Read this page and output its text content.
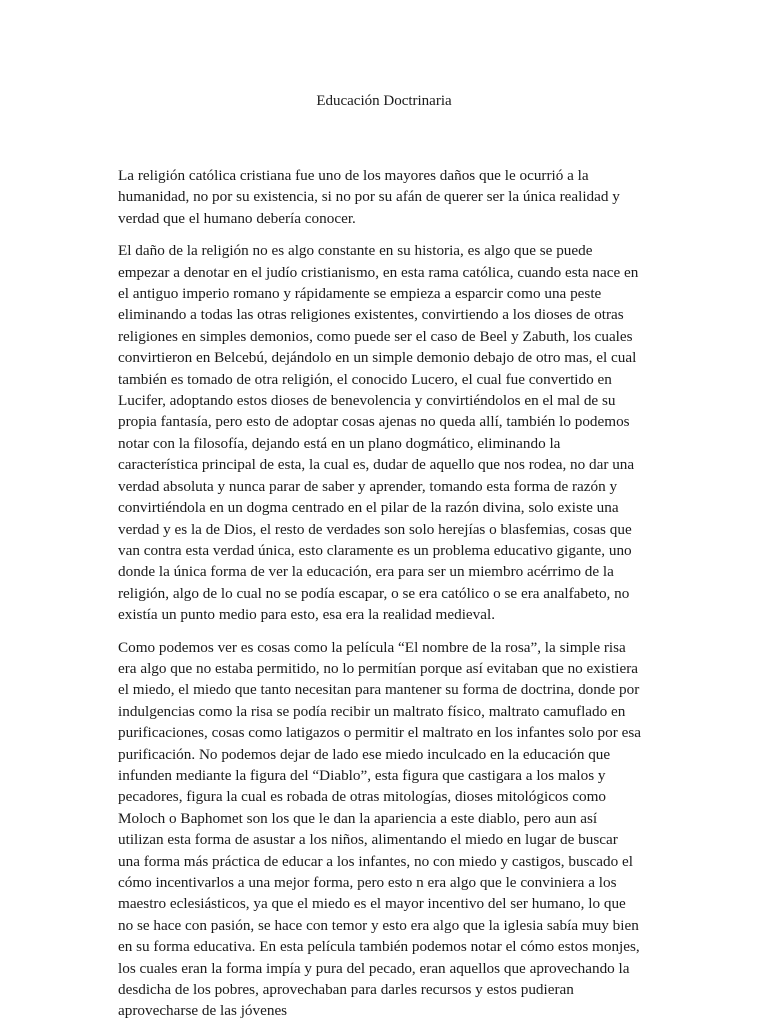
Educación Doctrinaria

La religión católica cristiana fue uno de los mayores daños que le ocurrió a la humanidad, no por su existencia, si no por su afán de querer ser la única realidad y verdad que el humano debería conocer.

El daño de la religión no es algo constante en su historia, es algo que se puede empezar a denotar en el judío cristianismo, en esta rama católica, cuando esta nace en el antiguo imperio romano y rápidamente se empieza a esparcir como una peste eliminando a todas las otras religiones existentes, convirtiendo a los dioses de otras religiones en simples demonios, como puede ser el caso de Beel y Zabuth, los cuales convirtieron en Belcebú, dejándolo en un simple demonio debajo de otro mas, el cual también es tomado de otra religión, el conocido Lucero, el cual fue convertido en Lucifer, adoptando estos dioses de benevolencia y convirtiéndolos en el mal de su propia fantasía, pero esto de adoptar cosas ajenas no queda allí, también lo podemos notar con la filosofía, dejando está en un plano dogmático, eliminando la característica principal de esta, la cual es, dudar de aquello que nos rodea, no dar una verdad absoluta y nunca parar de saber y aprender, tomando esta forma de razón y convirtiéndola en un dogma centrado en el pilar de la razón divina, solo existe una verdad y es la de Dios, el resto de verdades son solo herejías o blasfemias, cosas que van contra esta verdad única, esto claramente es un problema educativo gigante, uno donde la única forma de ver la educación, era para ser un miembro acérrimo de la religión, algo de lo cual no se podía escapar, o se era católico o se era analfabeto, no existía un punto medio para esto, esa era la realidad medieval.

Como podemos ver es cosas como la película “El nombre de la rosa”, la simple risa era algo que no estaba permitido, no lo permitían porque así evitaban que no existiera el miedo, el miedo que tanto necesitan para mantener su forma de doctrina, donde por indulgencias como la risa se podía recibir un maltrato físico, maltrato camuflado en purificaciones, cosas como latigazos o permitir el maltrato en los infantes solo por esa purificación. No podemos dejar de lado ese miedo inculcado en la educación que infunden mediante la figura del “Diablo”, esta figura que castigara a los malos y pecadores, figura la cual es robada de otras mitologías, dioses mitológicos como Moloch o Baphomet son los que le dan la apariencia a este diablo, pero aun así utilizan esta forma de asustar a los niños, alimentando el miedo en lugar de buscar una forma más práctica de educar a los infantes, no con miedo y castigos, buscado el cómo incentivarlos a una mejor forma, pero esto n era algo que le conviniera a los maestro eclesiásticos, ya que el miedo es el mayor incentivo del ser humano, lo que no se hace con pasión, se hace con temor y esto era algo que la iglesia sabía muy bien en su forma educativa. En esta película también podemos notar el cómo estos monjes, los cuales eran la forma impía y pura del pecado, eran aquellos que aprovechando la desdicha de los pobres, aprovechaban para darles recursos y estos pudieran aprovecharse de las jóvenes
